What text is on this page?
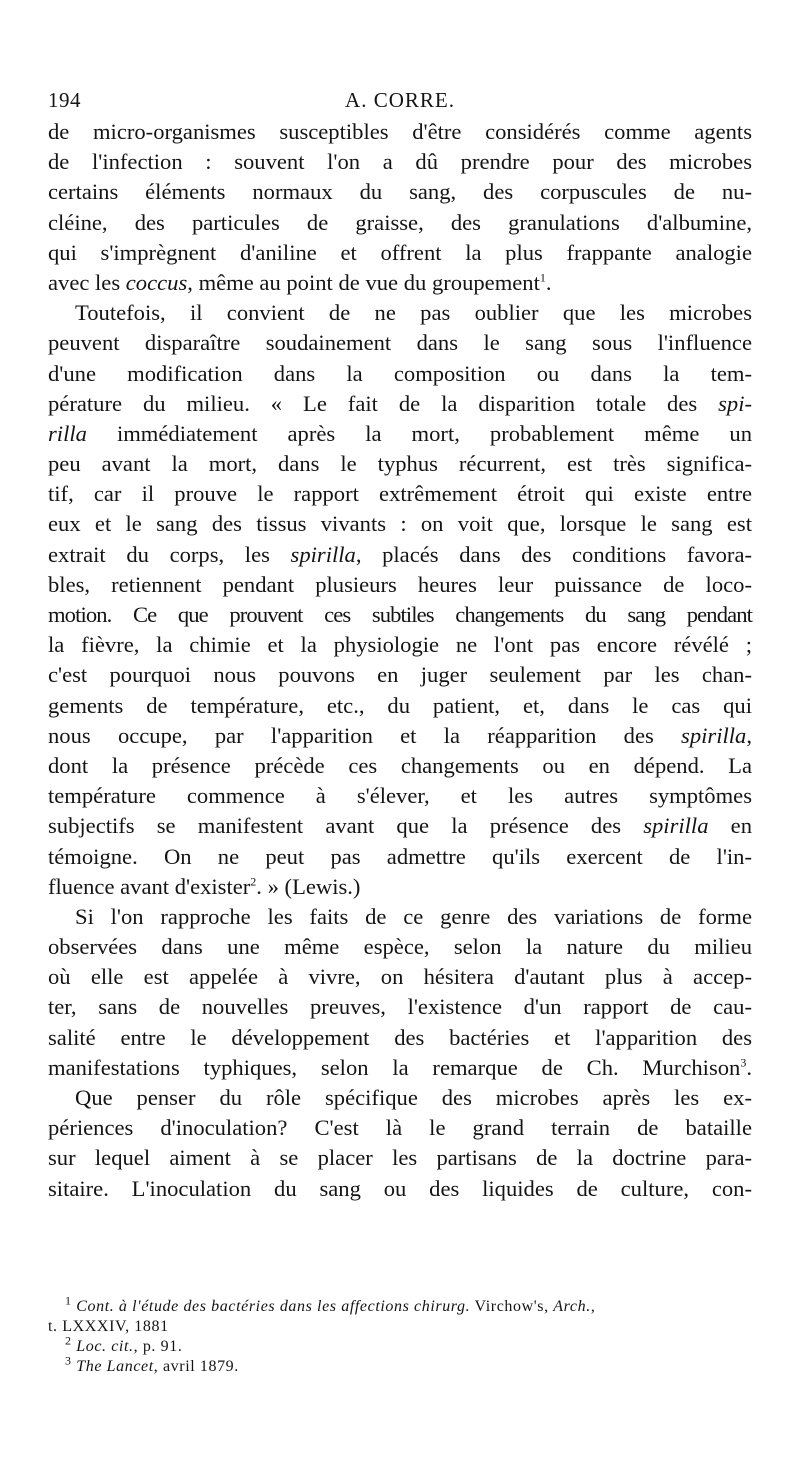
194	A. CORRE.
de micro-organismes susceptibles d'être considérés comme agents
de l'infection : souvent l'on a dû prendre pour des microbes
certains éléments normaux du sang, des corpuscules de nu-
cléine, des particules de graisse, des granulations d'albumine,
qui s'imprègnent d'aniline et offrent la plus frappante analogie
avec les coccus, même au point de vue du groupement$^1$.
Toutefois, il convient de ne pas oublier que les microbes
peuvent disparaître soudainement dans le sang sous l'influence
d'une modification dans la composition ou dans la tem-
pérature du milieu. « Le fait de la disparition totale des spi-
rilla immédiatement après la mort, probablement même un
peu avant la mort, dans le typhus récurrent, est très significa-
tif, car il prouve le rapport extrêmement étroit qui existe entre
eux et le sang des tissus vivants : on voit que, lorsque le sang est
extrait du corps, les spirilla, placés dans des conditions favora-
bles, retiennent pendant plusieurs heures leur puissance de loco-
motion. Ce que prouvent ces subtiles changements du sang pendant
la fièvre, la chimie et la physiologie ne l'ont pas encore révélé ;
c'est pourquoi nous pouvons en juger seulement par les chan-
gements de température, etc., du patient, et, dans le cas qui
nous occupe, par l'apparition et la réapparition des spirilla,
dont la présence précède ces changements ou en dépend. La
température commence à s'élever, et les autres symptômes
subjectifs se manifestent avant que la présence des spirilla en
témoigne. On ne peut pas admettre qu'ils exercent de l'in-
fluence avant d'exister$^2$. » (Lewis.)
Si l'on rapproche les faits de ce genre des variations de forme
observées dans une même espèce, selon la nature du milieu
où elle est appelée à vivre, on hésitera d'autant plus à accep-
ter, sans de nouvelles preuves, l'existence d'un rapport de cau-
salité entre le développement des bactéries et l'apparition des
manifestations typhiques, selon la remarque de Ch. Murchison$^3$.
Que penser du rôle spécifique des microbes après les ex-
périences d'inoculation? C'est là le grand terrain de bataille
sur lequel aiment à se placer les partisans de la doctrine para-
sitaire. L'inoculation du sang ou des liquides de culture, con-
$^1$ Cont. à l'étude des bactéries dans les affections chirurg. Virchow's, Arch.,
t. LXXXIV, 1881
$^2$ Loc. cit., p. 91.
$^3$ The Lancet, avril 1879.
